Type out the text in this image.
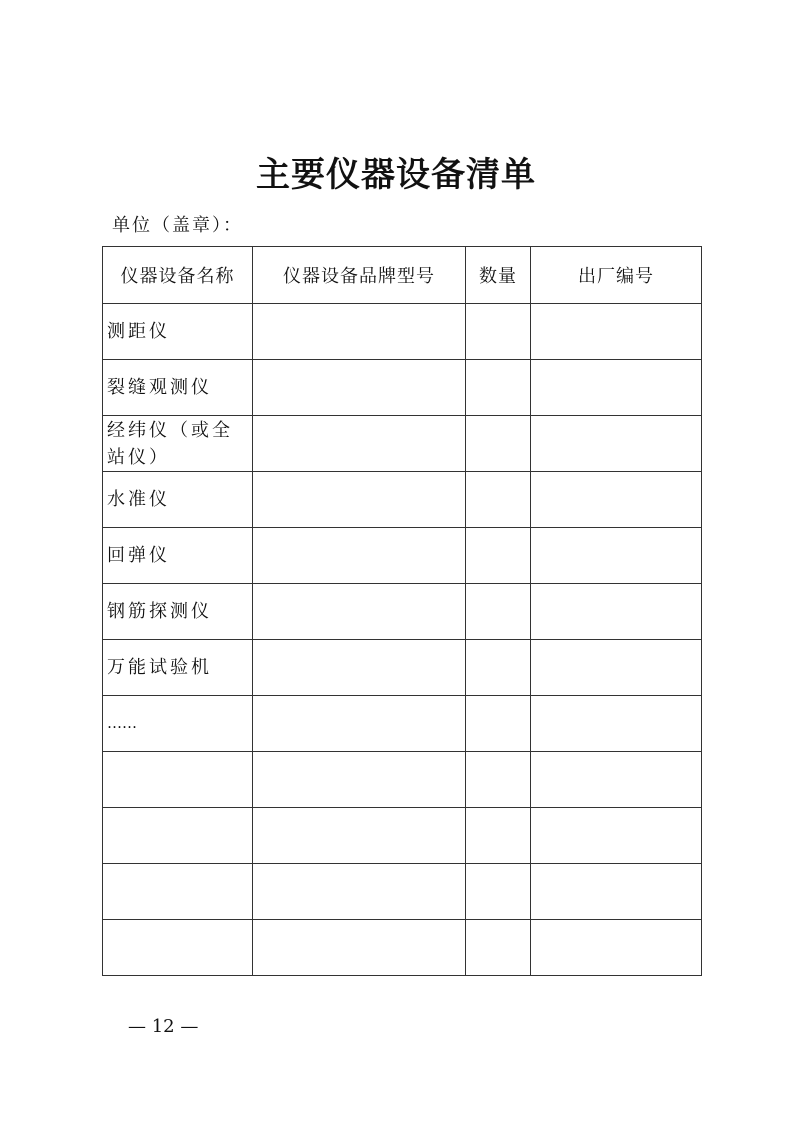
主要仪器设备清单
单位（盖章）：
仪器设备名称	仪器设备品牌型号	数量	出厂编号
测距仪			
裂缝观测仪			
经纬仪（或全站仪）			
水准仪			
回弹仪			
钢筋探测仪			
万能试验机			
……			

— 12 —
